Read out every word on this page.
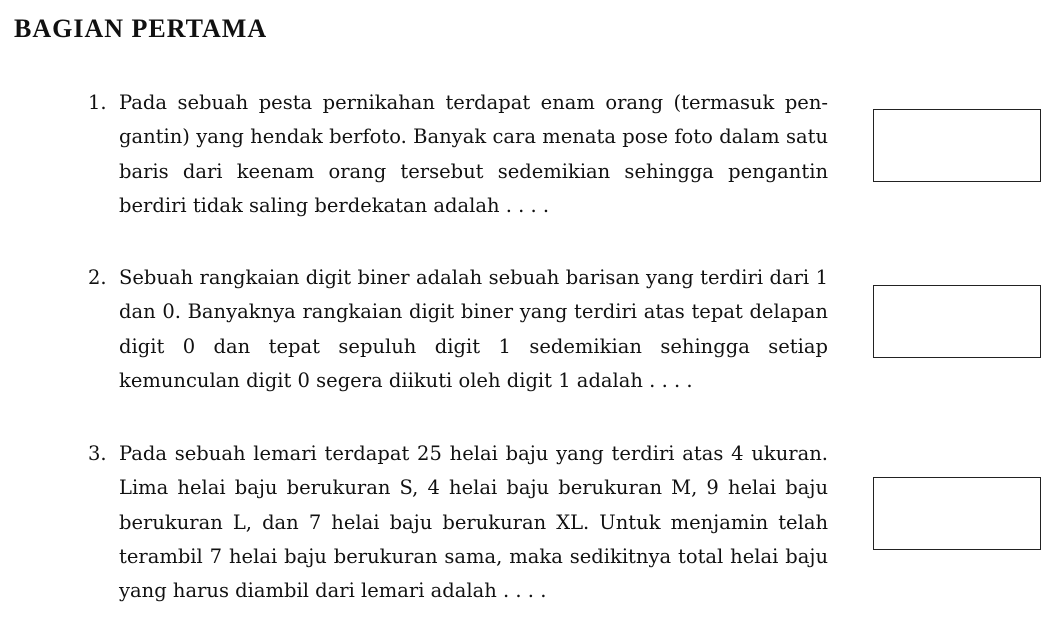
BAGIAN PERTAMA
1. Pada sebuah pesta pernikahan terdapat enam orang (termasuk pen- gantin) yang hendak berfoto. Banyak cara menata pose foto dalam satu baris dari keenam orang tersebut sedemikian sehingga pengantin berdiri tidak saling berdekatan adalah . . . .
2. Sebuah rangkaian digit biner adalah sebuah barisan yang terdiri dari 1 dan 0. Banyaknya rangkaian digit biner yang terdiri atas tepat delapan digit 0 dan tepat sepuluh digit 1 sedemikian sehingga setiap kemunculan digit 0 segera diikuti oleh digit 1 adalah . . . .
3. Pada sebuah lemari terdapat 25 helai baju yang terdiri atas 4 ukuran. Lima helai baju berukuran S, 4 helai baju berukuran M, 9 helai baju berukuran L, dan 7 helai baju berukuran XL. Untuk menjamin telah terambil 7 helai baju berukuran sama, maka sedikitnya total helai baju yang harus diambil dari lemari adalah . . . .
